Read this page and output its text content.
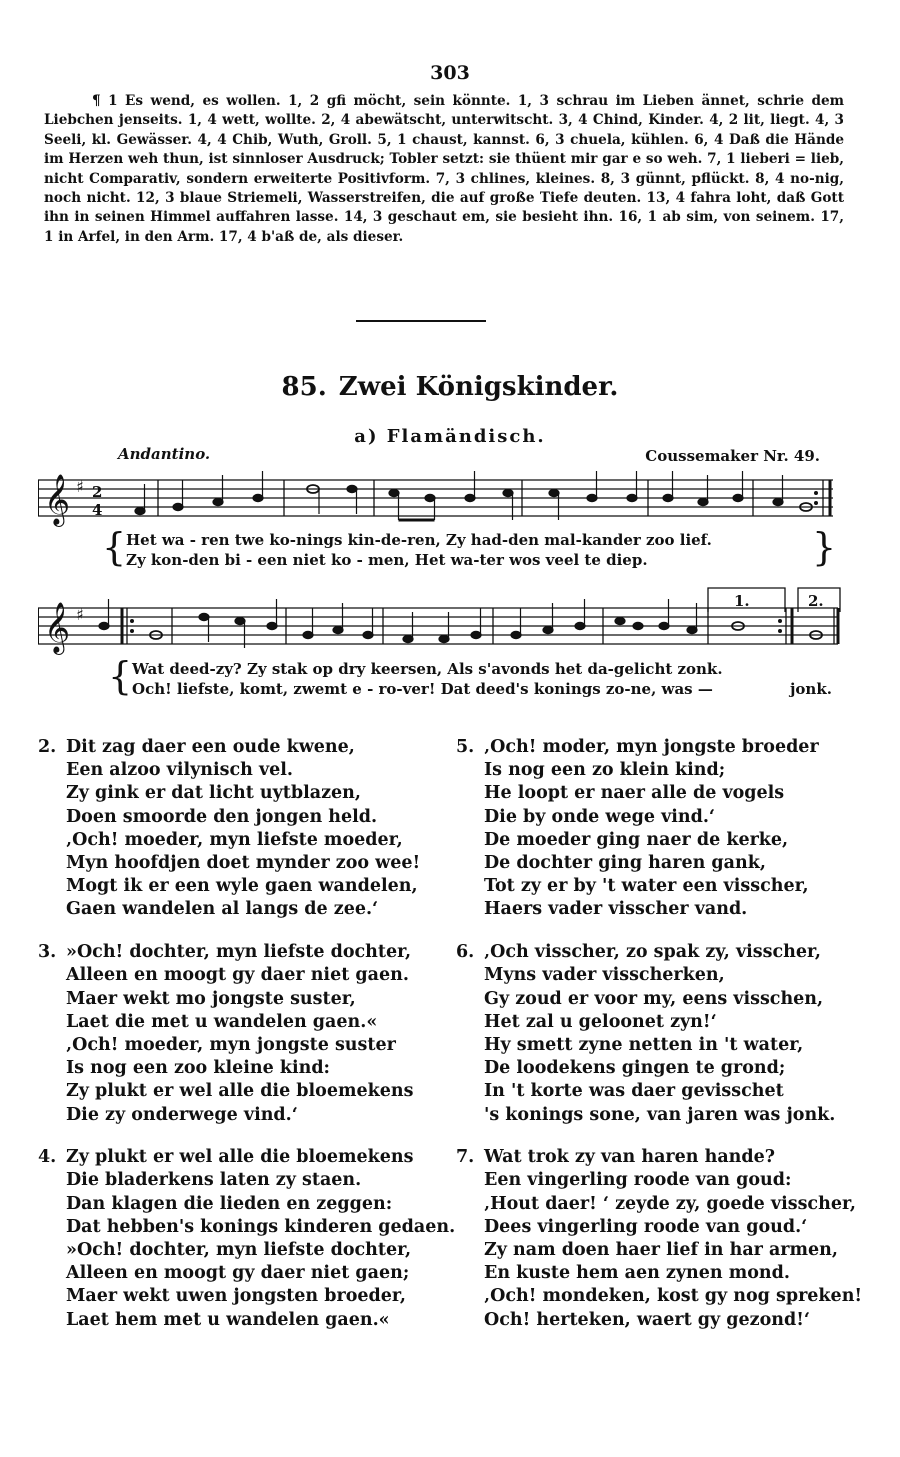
303

¶ 1 Es wend, es wollen. 1, 2 gfi möcht, sein könnte. 1, 3 schrau im Lieben ännet, schrie dem Liebchen jenseits. 1, 4 wett, wollte. 2, 4 abewätscht, unterwitscht. 3, 4 Chind, Kinder. 4, 2 lit, liegt. 4, 3 Seeli, kl. Gewässer. 4, 4 Chib, Wuth, Groll. 5, 1 chaust, kannst. 6, 3 chuela, kühlen. 6, 4 Daß die Hände im Herzen weh thun, ist sinnloser Ausdruck; Tobler setzt: sie thüent mir gar e so weh. 7, 1 lieberi = lieb, nicht Comparativ, sondern erweiterte Positivform. 7, 3 chlines, kleines. 8, 3 günnt, pflückt. 8, 4 no-nig, noch nicht. 12, 3 blaue Striemeli, Wasserstreifen, die auf große Tiefe deuten. 13, 4 fahra loht, daß Gott ihn in seinen Himmel auffahren lasse. 14, 3 geschaut em, sie besieht ihn. 16, 1 ab sim, von seinem. 17, 1 in Arfel, in den Arm. 17, 4 b'aß de, als dieser.

85. Zwei Königskinder.
a) Flamändisch.
Andantino.	Coussemaker Nr. 49.
𝄞 ♯ 2
4
{	}
Het wa - ren twe ko-nings kin-de-ren, Zy had-den mal-kander zoo lief.
Zy kon-den bi - een niet ko - men, Het wa-ter wos veel te diep.
1.	2.
𝄞 ♯
{ Wat deed-zy? Zy stak op dry keersen, Als s'avonds het da-gelicht zonk.
Och! liefste, komt, zwemt e - ro-ver! Dat deed's konings zo-ne, was —	jonk.
2. Dit zag daer een oude kwene,
Een alzoo vilynisch vel.
Zy gink er dat licht uytblazen,
Doen smoorde den jongen held.
‚Och! moeder, myn liefste moeder,
Myn hoofdjen doet mynder zoo wee!
Mogt ik er een wyle gaen wandelen,
Gaen wandelen al langs de zee.‘
3. »Och! dochter, myn liefste dochter,
Alleen en moogt gy daer niet gaen.
Maer wekt mo jongste suster,
Laet die met u wandelen gaen.«
‚Och! moeder, myn jongste suster
Is nog een zoo kleine kind:
Zy plukt er wel alle die bloemekens
Die zy onderwege vind.‘
4. Zy plukt er wel alle die bloemekens
Die bladerkens laten zy staen.
Dan klagen die lieden en zeggen:
Dat hebben's konings kinderen gedaen.
»Och! dochter, myn liefste dochter,
Alleen en moogt gy daer niet gaen;
Maer wekt uwen jongsten broeder,
Laet hem met u wandelen gaen.«
5. ‚Och! moder, myn jongste broeder
Is nog een zo klein kind;
He loopt er naer alle de vogels
Die by onde wege vind.‘
De moeder ging naer de kerke,
De dochter ging haren gank,
Tot zy er by 't water een visscher,
Haers vader visscher vand.
6. ‚Och visscher, zo spak zy, visscher,
Myns vader visscherken,
Gy zoud er voor my, eens visschen,
Het zal u geloonet zyn!‘
Hy smett zyne netten in 't water,
De loodekens gingen te grond;
In 't korte was daer gevisschet
's konings sone, van jaren was jonk.
7. Wat trok zy van haren hande?
Een vingerling roode van goud:
‚Hout daer! ‘ zeyde zy, goede visscher,
Dees vingerling roode van goud.‘
Zy nam doen haer lief in har armen,
En kuste hem aen zynen mond.
‚Och! mondeken, kost gy nog spreken!
Och! herteken, waert gy gezond!‘
